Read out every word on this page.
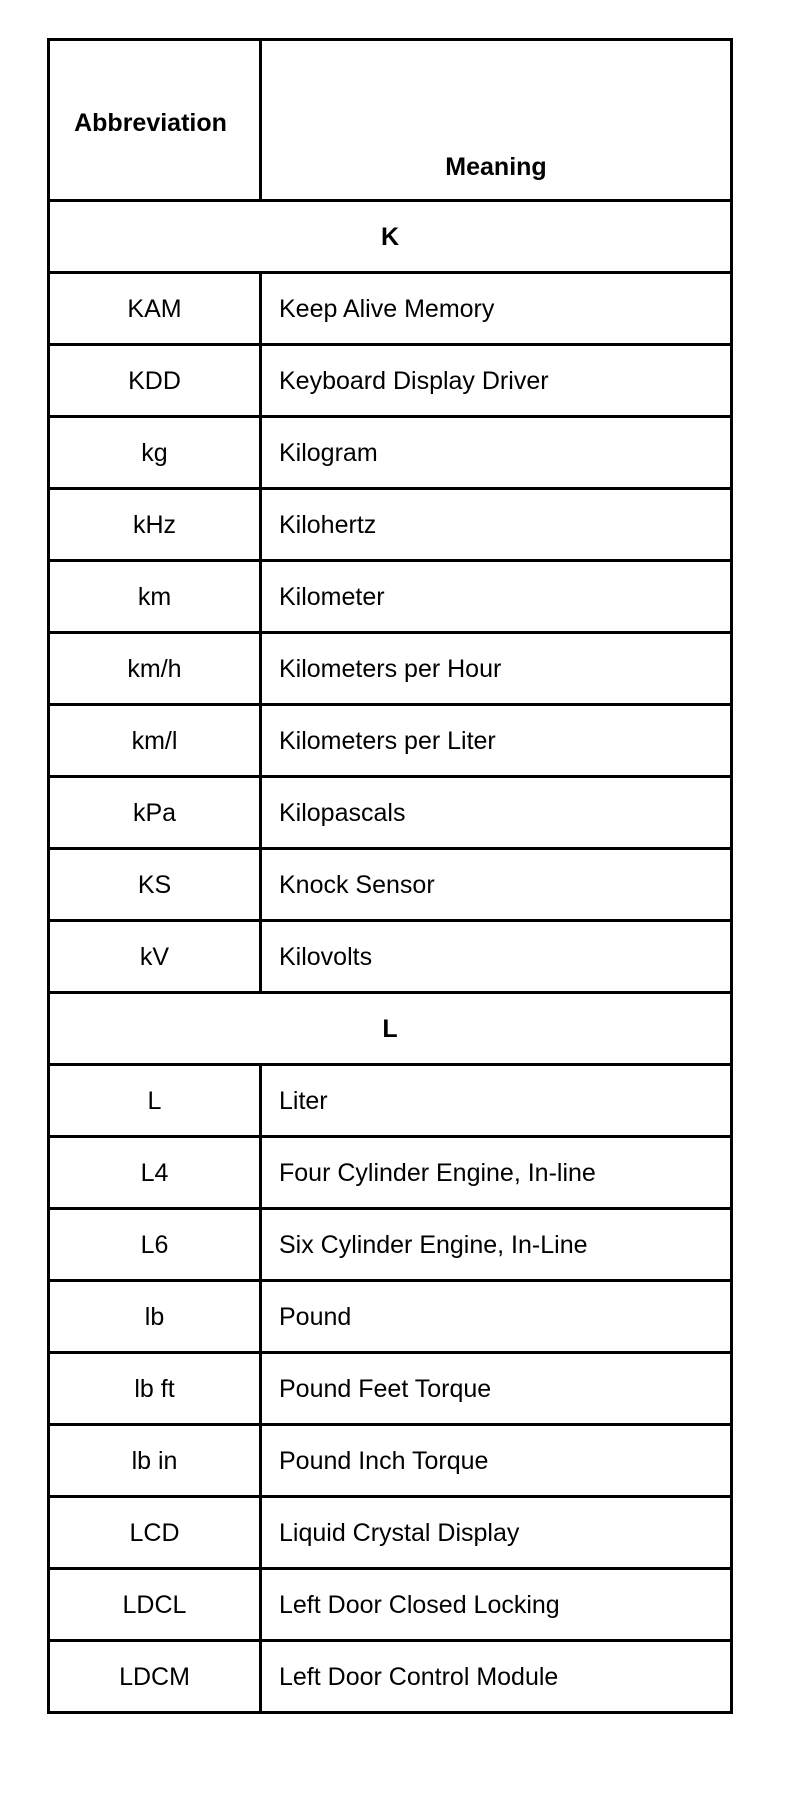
Abbreviation	Meaning
K	
KAM	Keep Alive Memory
KDD	Keyboard Display Driver
kg	Kilogram
kHz	Kilohertz
km	Kilometer
km/h	Kilometers per Hour
km/l	Kilometers per Liter
kPa	Kilopascals
KS	Knock Sensor
kV	Kilovolts
L	
L	Liter
L4	Four Cylinder Engine, In-line
L6	Six Cylinder Engine, In-Line
lb	Pound
lb ft	Pound Feet Torque
lb in	Pound Inch Torque
LCD	Liquid Crystal Display
LDCL	Left Door Closed Locking
LDCM	Left Door Control Module
